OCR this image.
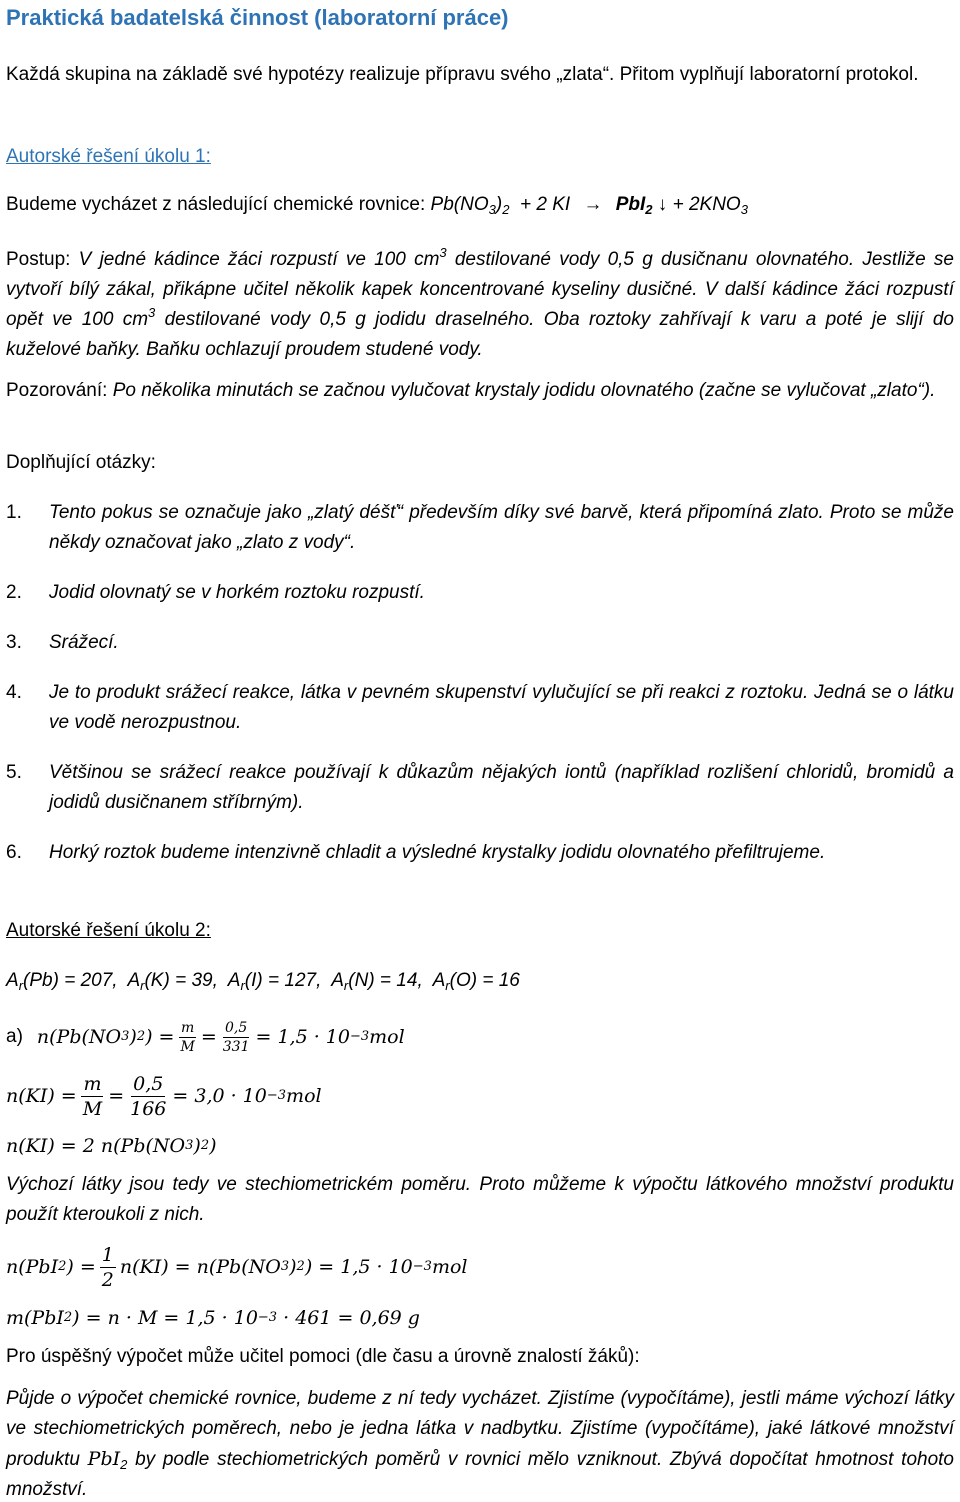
Praktická badatelská činnost (laboratorní práce)

Každá skupina na základě své hypotézy realizuje přípravu svého „zlata“. Přitom vyplňují laboratorní protokol.

Autorské řešení úkolu 1:

Budeme vycházet z následující chemické rovnice: $Pb(NO_3)_2 + 2$ KI → PbI$_2$ ↓ + $2KNO_3$

Postup: V jedné kádince žáci rozpustí ve 100 $cm^3$ destilované vody 0,5 g dusičnanu olovnatého. Jestliže se vytvoří bílý zákal, přikápne učitel několik kapek koncentrované kyseliny dusičné. V další kádince žáci rozpustí opět ve 100 $cm^3$ destilované vody 0,5 g jodidu draselného. Oba roztoky zahřívají k varu a poté je slijí do kuželové baňky. Baňku ochlazují proudem studené vody.

Pozorování: Po několika minutách se začnou vylučovat krystaly jodidu olovnatého (začne se vylučovat „zlato“).

Doplňující otázky:

1.	Tento pokus se označuje jako „zlatý déšť“ především díky své barvě, která připomíná zlato. Proto se může někdy označovat jako „zlato z vody“.
2.	Jodid olovnatý se v horkém roztoku rozpustí.
3.	Srážecí.
4.	Je to produkt srážecí reakce, látka v pevném skupenství vylučující se při reakci z roztoku. Jedná se o látku ve vodě nerozpustnou.
5.	Většinou se srážecí reakce používají k důkazům nějakých iontů (například rozlišení chloridů, bromidů a jodidů dusičnanem stříbrným).
6.	Horký roztok budeme intenzivně chladit a výsledné krystalky jodidu olovnatého přefiltrujeme.

Autorské řešení úkolu 2:

$A_r(Pb) = 207$, $A_r(K) = 39$, $A_r(I) = 127$, $A_r(N) = 14$, $A_r(O) = 16$

a) n(Pb(NO 3 ) 2 ) = $\frac{m}{M} = \frac{0,5}{331} = 1,5 \cdot 10 -3$ mol
$n(KI) = \frac{m}{M} = \frac{0,5}{166} = 3,0 \cdot 10 -3$ mol
n(KI) = 2 n(Pb(NO 3 ) 2 )

Výchozí látky jsou tedy ve stechiometrickém poměru. Proto můžeme k výpočtu látkového množství produktu použít kteroukoli z nich.

n(PbI 2 ) = $\frac{1}{2} n(KI) = n(Pb(NO$ 3 ) 2 ) = 1,5 · 10 −3 mol
m(PbI 2 ) = n · M = 1,5 · 10 −3 · 461 = 0,69 g

Pro úspěšný výpočet může učitel pomoci (dle času a úrovně znalostí žáků):

Půjde o výpočet chemické rovnice, budeme z ní tedy vycházet. Zjistíme (vypočítáme), jestli máme výchozí látky ve stechiometrických poměrech, nebo je jedna látka v nadbytku. Zjistíme (vypočítáme), jaké látkové množství produktu PbI$_2$ by podle stechiometrických poměrů v rovnici mělo vzniknout. Zbývá dopočítat hmotnost tohoto množství.
